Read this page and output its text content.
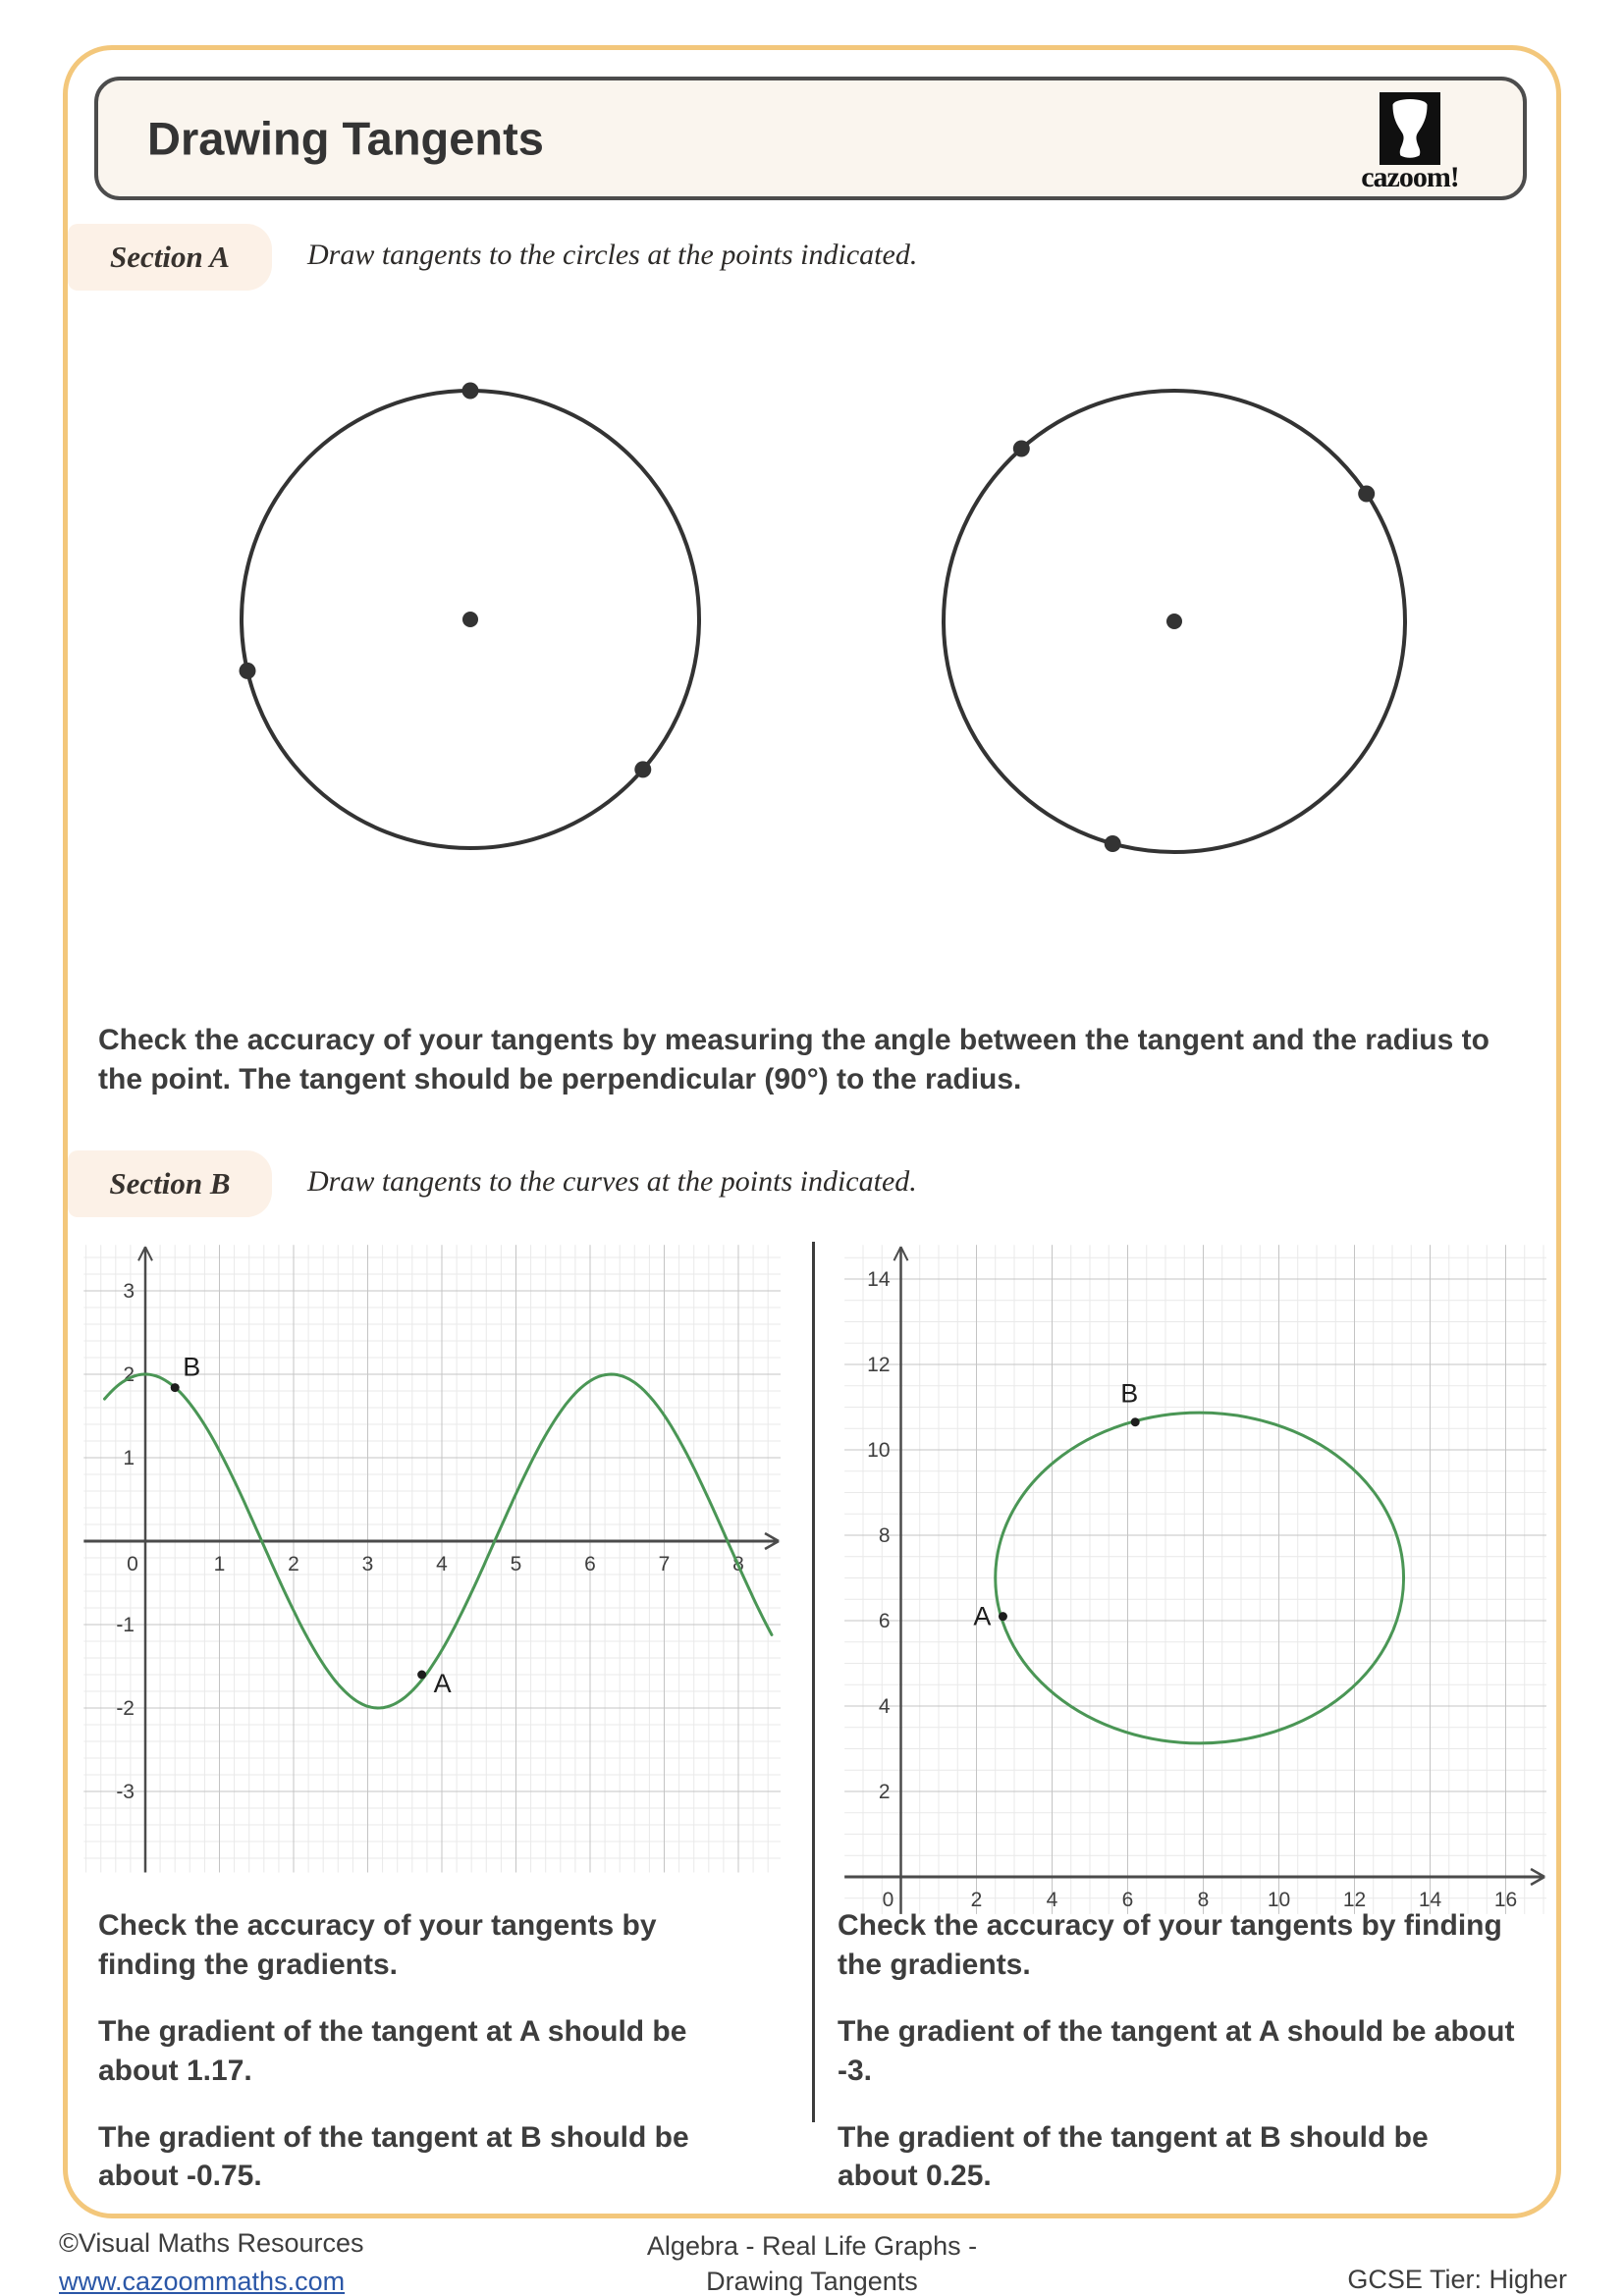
Drawing Tangents
cazoom!
Section A	Draw tangents to the circles at the points indicated.

Check the accuracy of your tangents by measuring the angle between the tangent and the radius to the point. The tangent should be perpendicular (90°) to the radius.

Section B	Draw tangents to the curves at the points indicated.
0	1	2	3	4	5	6	7	8
3
2
1
-1
-2
-3
A
B
0	2	4	6	8	10	12	14	16
2
4
6
8
10
12
14
A
B

Check the accuracy of your tangents by finding the gradients.

The gradient of the tangent at A should be about 1.17.

The gradient of the tangent at B should be about -0.75.

Check the accuracy of your tangents by finding the gradients.

The gradient of the tangent at A should be about -3.

The gradient of the tangent at B should be about 0.25.

©Visual Maths Resources
www.cazoommaths.com
Algebra - Real Life Graphs -
Drawing Tangents	GCSE Tier: Higher
